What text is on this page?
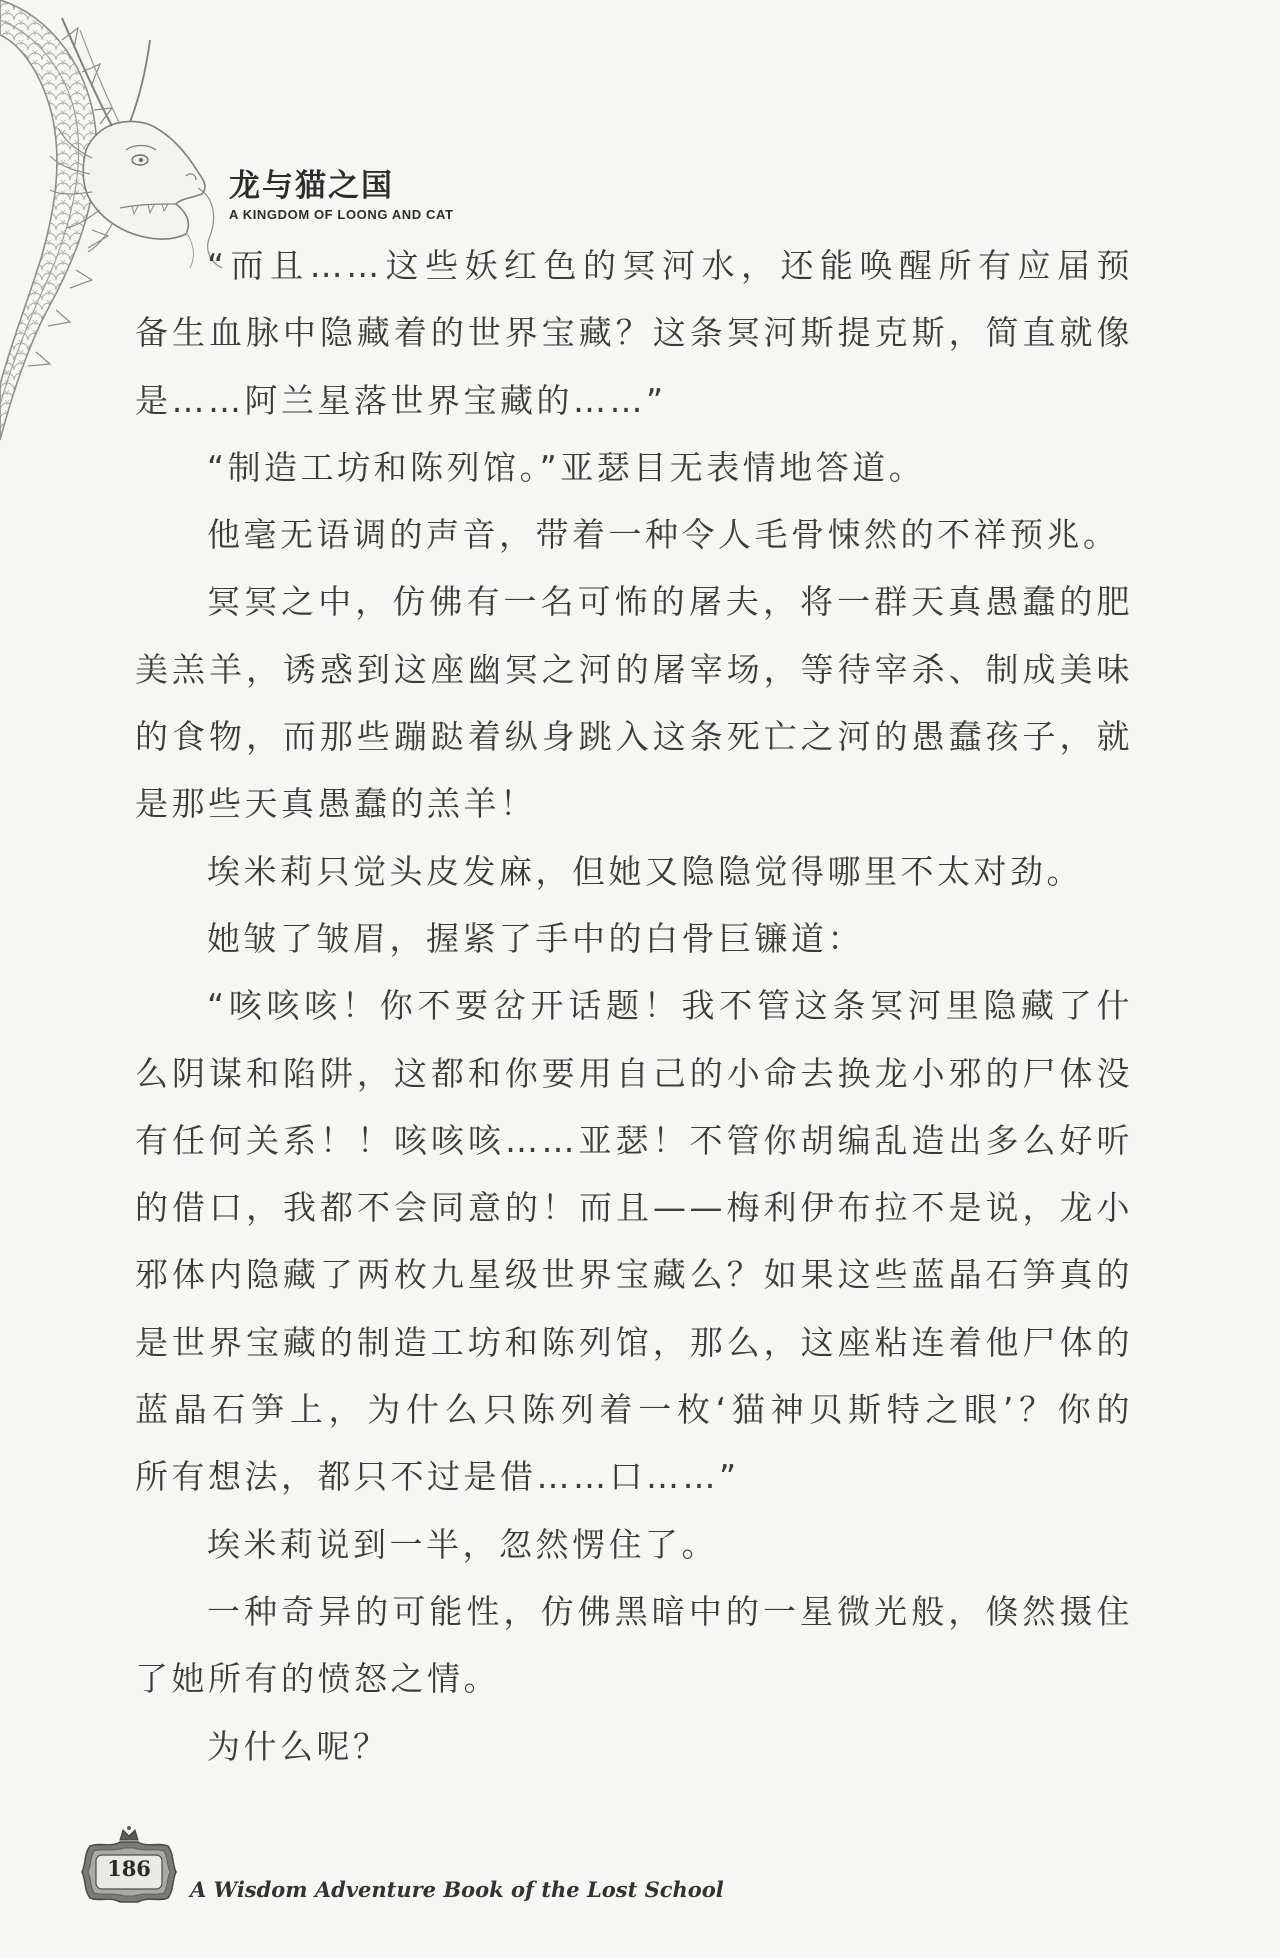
龙与猫之国
A KINGDOM OF LOONG AND CAT
“而且……这些妖红色的冥河水，还能唤醒所有应届预
备生血脉中隐藏着的世界宝藏？这条冥河斯提克斯，简直就像
是……阿兰星落世界宝藏的……”
“制造工坊和陈列馆。”亚瑟目无表情地答道。
他毫无语调的声音，带着一种令人毛骨悚然的不祥预兆。
冥冥之中，仿佛有一名可怖的屠夫，将一群天真愚蠢的肥
美羔羊，诱惑到这座幽冥之河的屠宰场，等待宰杀、制成美味
的食物，而那些蹦跶着纵身跳入这条死亡之河的愚蠢孩子，就
是那些天真愚蠢的羔羊！
埃米莉只觉头皮发麻，但她又隐隐觉得哪里不太对劲。
她皱了皱眉，握紧了手中的白骨巨镰道：
“咳咳咳！你不要岔开话题！我不管这条冥河里隐藏了什
么阴谋和陷阱，这都和你要用自己的小命去换龙小邪的尸体没
有任何关系！！咳咳咳……亚瑟！不管你胡编乱造出多么好听
的借口，我都不会同意的！而且——梅利伊布拉不是说，龙小
邪体内隐藏了两枚九星级世界宝藏么？如果这些蓝晶石笋真的
是世界宝藏的制造工坊和陈列馆，那么，这座粘连着他尸体的
蓝晶石笋上，为什么只陈列着一枚‘猫神贝斯特之眼’？你的
所有想法，都只不过是借……口……”
埃米莉说到一半，忽然愣住了。
一种奇异的可能性，仿佛黑暗中的一星微光般，倏然摄住
了她所有的愤怒之情。
为什么呢？
186
A Wisdom Adventure Book of the Lost School
